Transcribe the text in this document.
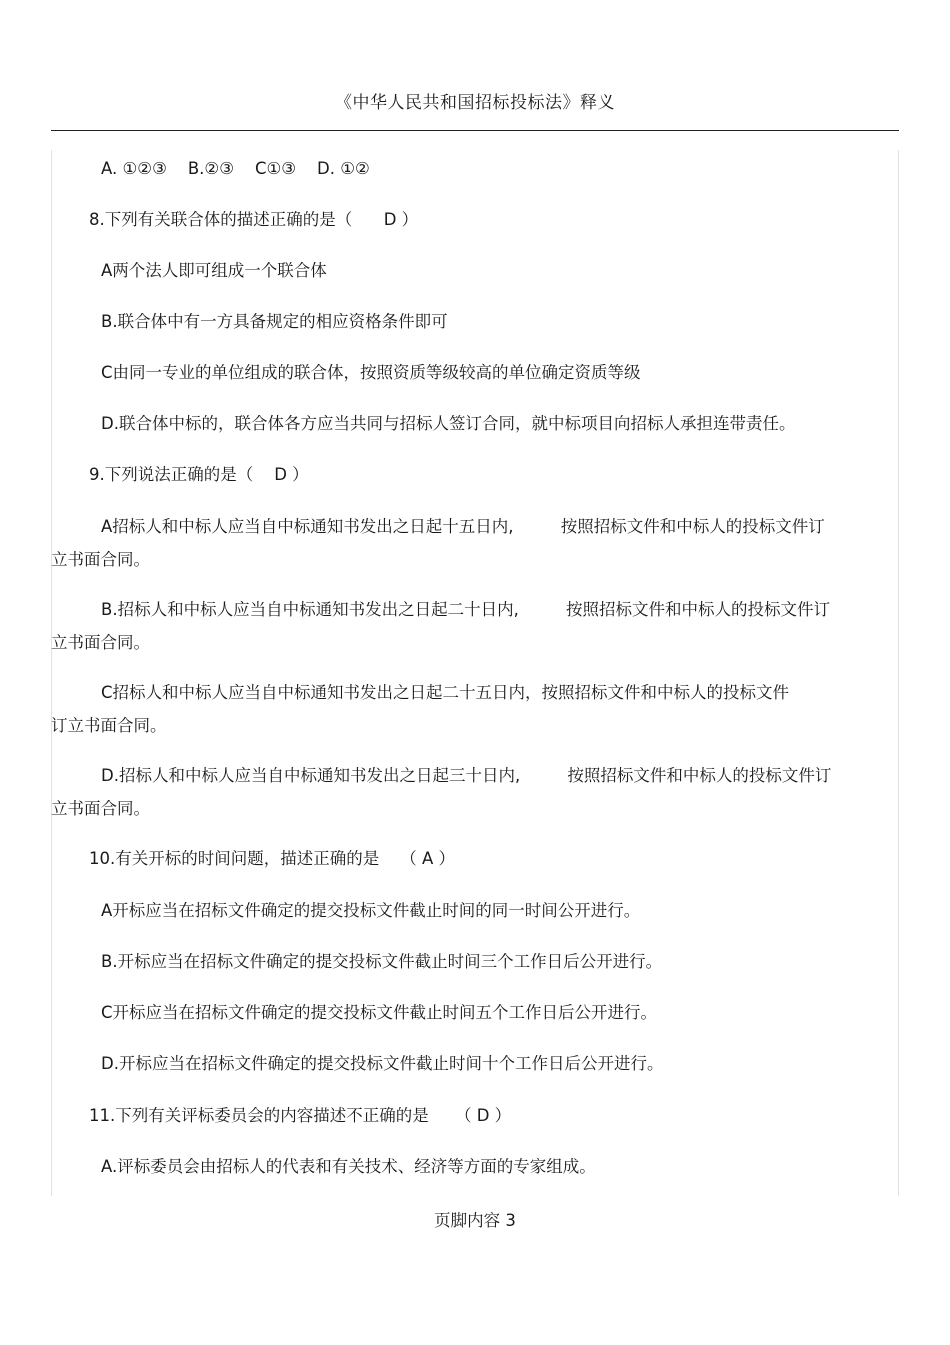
《中华人民共和国招标投标法》释义
A. ①②③    B.②③    C①③    D. ①②
8.下列有关联合体的描述正确的是（      D ）
A两个法人即可组成一个联合体
B.联合体中有一方具备规定的相应资格条件即可
C由同一专业的单位组成的联合体，按照资质等级较高的单位确定资质等级
D.联合体中标的，联合体各方应当共同与招标人签订合同，就中标项目向招标人承担连带责任。
9.下列说法正确的是（    D ）
A招标人和中标人应当自中标通知书发出之日起十五日内,         按照招标文件和中标人的投标文件订
立书面合同。
B.招标人和中标人应当自中标通知书发出之日起二十日内,         按照招标文件和中标人的投标文件订
立书面合同。
C招标人和中标人应当自中标通知书发出之日起二十五日内，按照招标文件和中标人的投标文件
订立书面合同。
D.招标人和中标人应当自中标通知书发出之日起三十日内,         按照招标文件和中标人的投标文件订
立书面合同。
10.有关开标的时间问题，描述正确的是    （ A ）
A开标应当在招标文件确定的提交投标文件截止时间的同一时间公开进行。
B.开标应当在招标文件确定的提交投标文件截止时间三个工作日后公开进行。
C开标应当在招标文件确定的提交投标文件截止时间五个工作日后公开进行。
D.开标应当在招标文件确定的提交投标文件截止时间十个工作日后公开进行。
11.下列有关评标委员会的内容描述不正确的是     （ D ）
A.评标委员会由招标人的代表和有关技术、经济等方面的专家组成。
页脚内容 3
